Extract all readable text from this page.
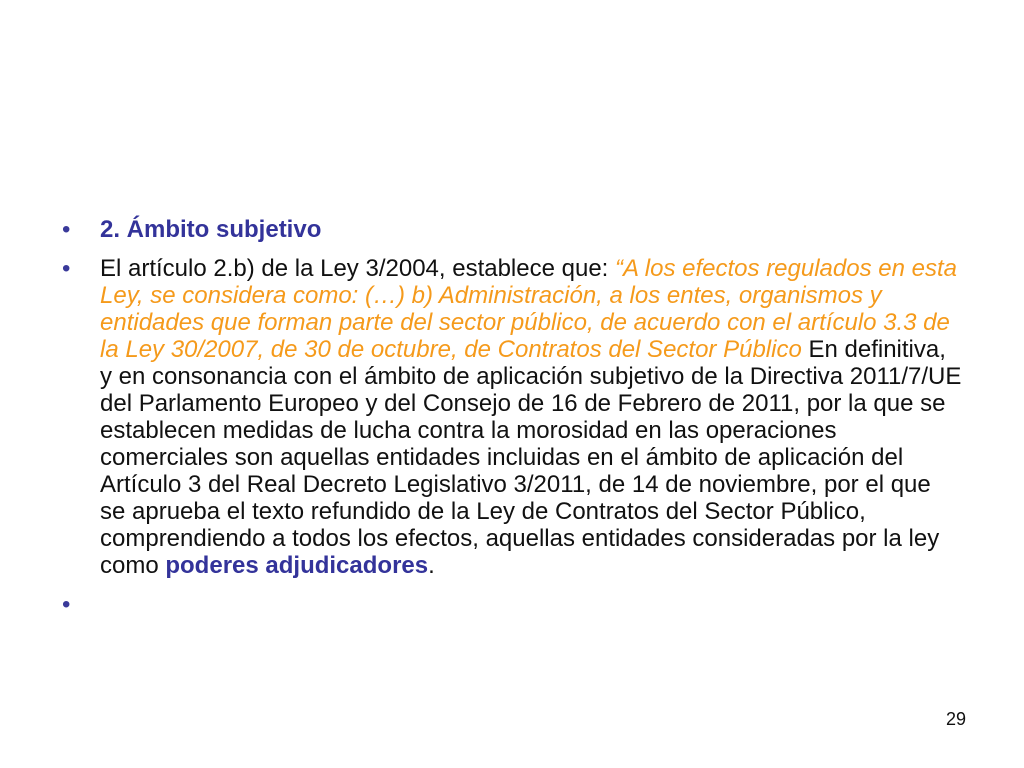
• 2. Ámbito subjetivo
• El artículo 2.b) de la Ley 3/2004, establece que: “A los efectos regulados en esta Ley, se considera como: (…) b) Administración, a los entes, organismos y entidades que forman parte del sector público, de acuerdo con el artículo 3.3 de la Ley 30/2007, de 30 de octubre, de Contratos del Sector Público En definitiva, y en consonancia con el ámbito de aplicación subjetivo de la Directiva 2011/7/UE del Parlamento Europeo y del Consejo de 16 de Febrero de 2011, por la que se establecen medidas de lucha contra la morosidad en las operaciones comerciales son aquellas entidades incluidas en el ámbito de aplicación del Artículo 3 del Real Decreto Legislativo 3/2011, de 14 de noviembre, por el que se aprueba el texto refundido de la Ley de Contratos del Sector Público, comprendiendo a todos los efectos, aquellas entidades consideradas por la ley como poderes adjudicadores.
•
29
